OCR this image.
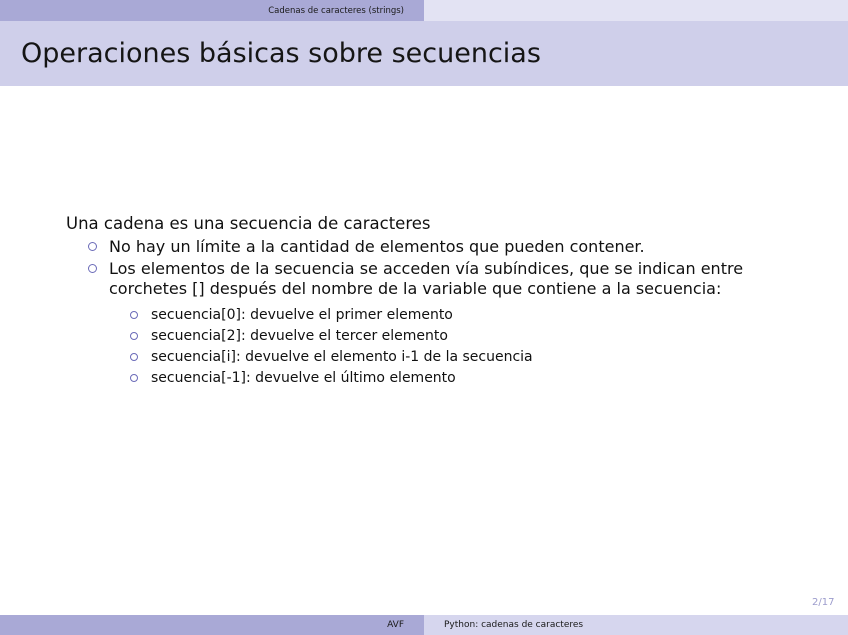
Cadenas de caracteres (strings)
Operaciones básicas sobre secuencias

Una cadena es una secuencia de caracteres

No hay un límite a la cantidad de elementos que pueden contener.
Los elementos de la secuencia se acceden vía subíndices, que se indican entre corchetes [] después del nombre de la variable que contiene a la secuencia:
secuencia[0]: devuelve el primer elemento
secuencia[2]: devuelve el tercer elemento
secuencia[i]: devuelve el elemento i-1 de la secuencia
secuencia[-1]: devuelve el último elemento
2/17
AVF	Python: cadenas de caracteres
